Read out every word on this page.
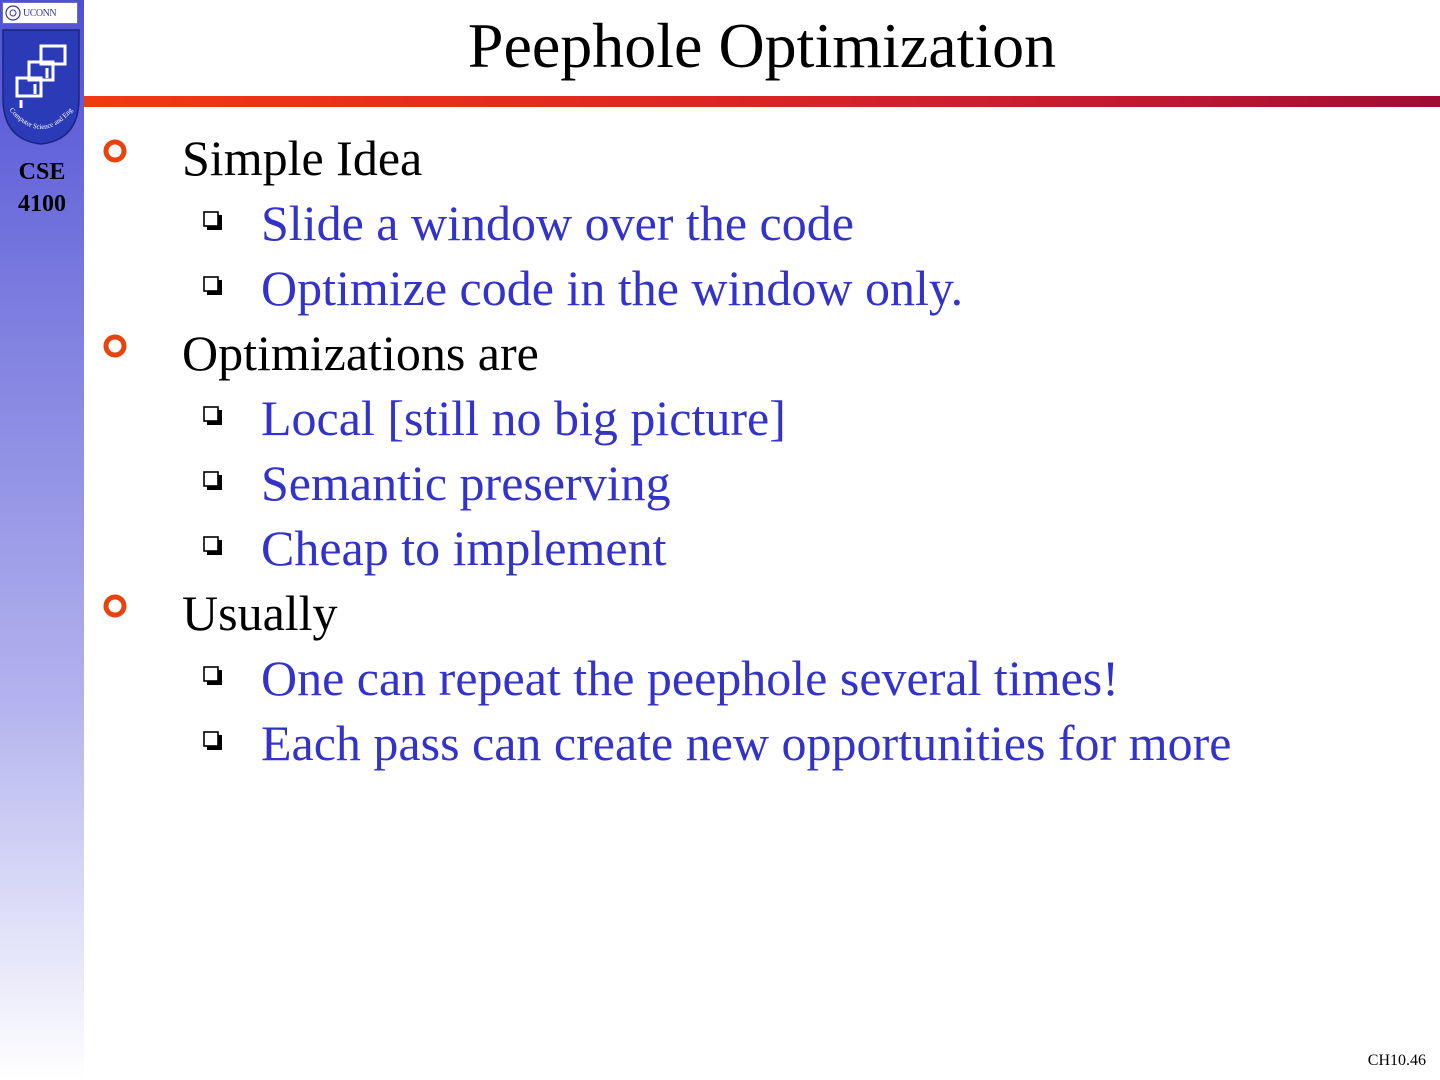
UCONN
Computer Science and Eng
CSE
4100
Peephole Optimization
Simple Idea
Slide a window over the code
Optimize code in the window only.
Optimizations are
Local [still no big picture]
Semantic preserving
Cheap to implement
Usually
One can repeat the peephole several times!
Each pass can create new opportunities for more
CH10.46
